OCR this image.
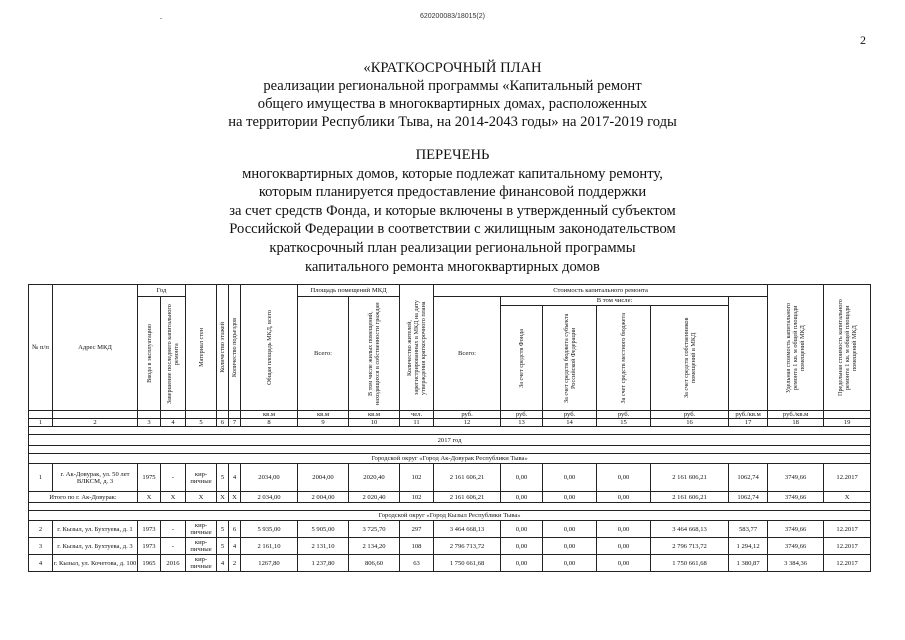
.	620200083/18015(2)
2
«КРАТКОСРОЧНЫЙ ПЛАН
реализации региональной программы «Капитальный ремонт
общего имущества в многоквартирных домах, расположенных
на территории Республики Тыва, на 2014-2043 годы» на 2017-2019 годы
ПЕРЕЧЕНЬ
многоквартирных домов, которые подлежат капитальному ремонту,
которым планируется предоставление финансовой поддержки
за счет средств Фонда, и которые включены в утвержденный субъектом
Российской Федерации в соответствии с жилищным законодательством
краткосрочный план реализации региональной программы
капитального ремонта многоквартирных домов
№ п/п	Адрес МКД	Год		Материал стен	Количество этажей	Количество подъездов	Общая площадь МКД, всего	Площадь помещений МКД		Количество жителей, зарегистрированных в МКД на дату утверждения краткосрочного плана	Стоимость капитального ремонта						Удельная стоимость капитального ремонта 1 кв. м общей площади помещений МКД	Предельная стоимость капитального ремонта 1 кв. м общей площади помещений МКД

		Ввода в эксплуатацию	Завершение последнего капитального ремонта					Всего:	В том числе жилых помещений, находящихся в собственности граждан		Всего:	В том числе:							

												За счет средств Фонда	За счет средств бюджета субъекта Российской Федерации	За счет средств местного бюджета	За счет средств собственников помещений в МКД				

							кв.м	кв.м	кв.м	чел.	руб.	руб.	руб.	руб.	руб.	руб./кв.м	руб./кв.м		
1	2	3	4	5	6	7	8	9	10	11	12	13	14	15	16	17	18	19	

2017 год																			

Городской округ «Город Ак-Довурак Республики Тыва»																			
1	г. Ак-Довурак, ул. 50 лет ВЛКСМ, д. 3	1975	-	кир-пичные	5	4	2034,00	2004,00	2020,40	102	2 161 606,21	0,00	0,00	0,00	2 161 606,21	1062,74	3749,66	12.2017	
Итого по г. Ак-Довурак:		X	X	X	X	X	2 034,00	2 004,00	2 020,40	102	2 161 606,21	0,00	0,00	0,00	2 161 606,21	1062,74	3749,66	X	

Городской округ «Город Кызыл Республики Тыва»																			
2	г. Кызыл, ул. Бухтуева, д. 1	1973	-	кир-пичные	5	6	5 935,00	5 905,00	3 725,70	297	3 464 668,13	0,00	0,00	0,00	3 464 668,13	583,77	3749,66	12.2017	
3	г. Кызыл, ул. Бухтуева, д. 3	1973	-	кир-пичные	5	4	2 161,10	2 131,10	2 134,20	108	2 796 713,72	0,00	0,00	0,00	2 796 713,72	1 294,12	3749,66	12.2017	
4	г. Кызыл, ул. Кочетова, д. 100	1965	2016	кир-пичные	4	2	1267,80	1 237,80	806,60	63	1 750 661,68	0,00	0,00	0,00	1 750 661,68	1 380,87	3 384,36	12.2017	
